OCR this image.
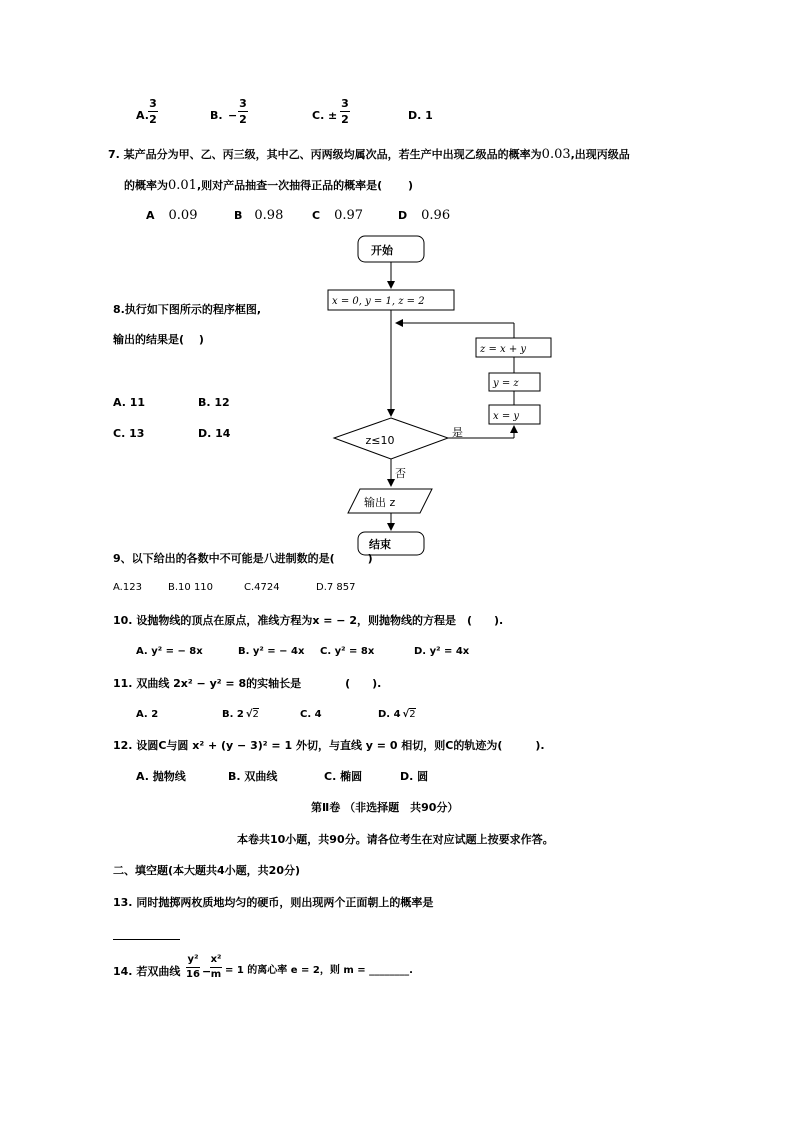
A.
3
2	B. −
3
2	C. ±
3
2	D. 1
7. 某产品分为甲、乙、丙三级，其中乙、丙两级均属次品，若生产中出现乙级品的概率为0.03,出现丙级品
的概率为0.01,则对产品抽查一次抽得正品的概率是(　　 )
A 0.09	B 0.98	C 0.97	D 0.96
8.执行如下图所示的程序框图,
输出的结果是(　 )
A. 11	B. 12
C. 13	D. 14
开始
x = 0, y = 1, z = 2
z≤10
是
x = y
y = z
z = x + y
否
输出 z
结束
9、以下给出的各数中不可能是八进制数的是(　　　)
A.123	B.10 110	C.4724	D.7 857
10. 设抛物线的顶点在原点，准线方程为x = − 2，则抛物线的方程是　(　　).
A. y² = − 8x	B. y² = − 4x C. y² = 8x	D. y² = 4x
11. 双曲线 2x² − y² = 8的实轴长是　　　　(　　).
A. 2	B. 2 √2	C. 4	D. 4 √2
12. 设圆C与圆 x² + (y − 3)² = 1 外切，与直线 y = 0 相切，则C的轨迹为(　　　).
A. 抛物线	B. 双曲线	C. 椭圆	D. 圆
第Ⅱ卷 （非选择题　共90分）
本卷共10小题，共90分。请各位考生在对应试题上按要求作答。
二、填空题(本大题共4小题，共20分)
13. 同时抛掷两枚质地均匀的硬币，则出现两个正面朝上的概率是
14. 若双曲线
y²
16 −
x²
m = 1 的离心率 e = 2，则 m = ________.
